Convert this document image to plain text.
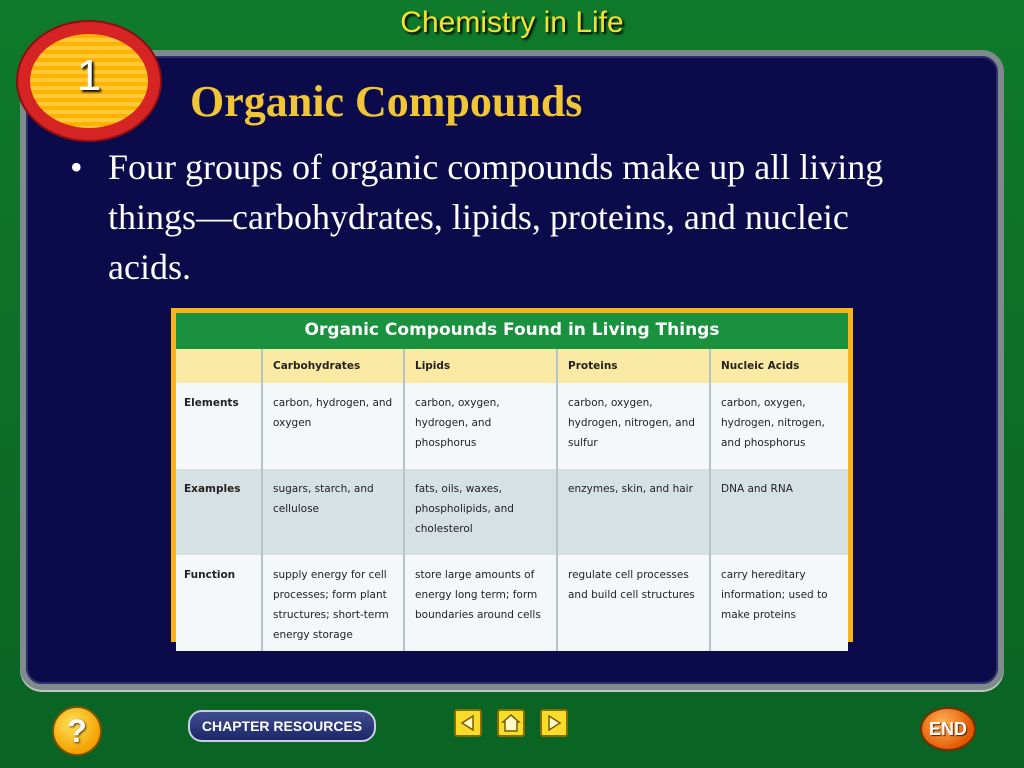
Chemistry in Life
1
Organic Compounds
• Four groups of organic compounds make up all living things—carbohydrates, lipids, proteins, and nucleic acids.
Organic Compounds Found in Living Things
	Carbohydrates	Lipids	Proteins	Nucleic Acids
Elements	carbon, hydrogen, and oxygen	carbon, oxygen, hydrogen, and phosphorus	carbon, oxygen, hydrogen, nitrogen, and sulfur	carbon, oxygen, hydrogen, nitrogen, and phosphorus
Examples	sugars, starch, and cellulose	fats, oils, waxes, phospholipids, and cholesterol	enzymes, skin, and hair	DNA and RNA
Function	supply energy for cell processes; form plant structures; short-term energy storage	store large amounts of energy long term; form boundaries around cells	regulate cell processes and build cell structures	carry hereditary information; used to make proteins
?	CHAPTER RESOURCES	END
